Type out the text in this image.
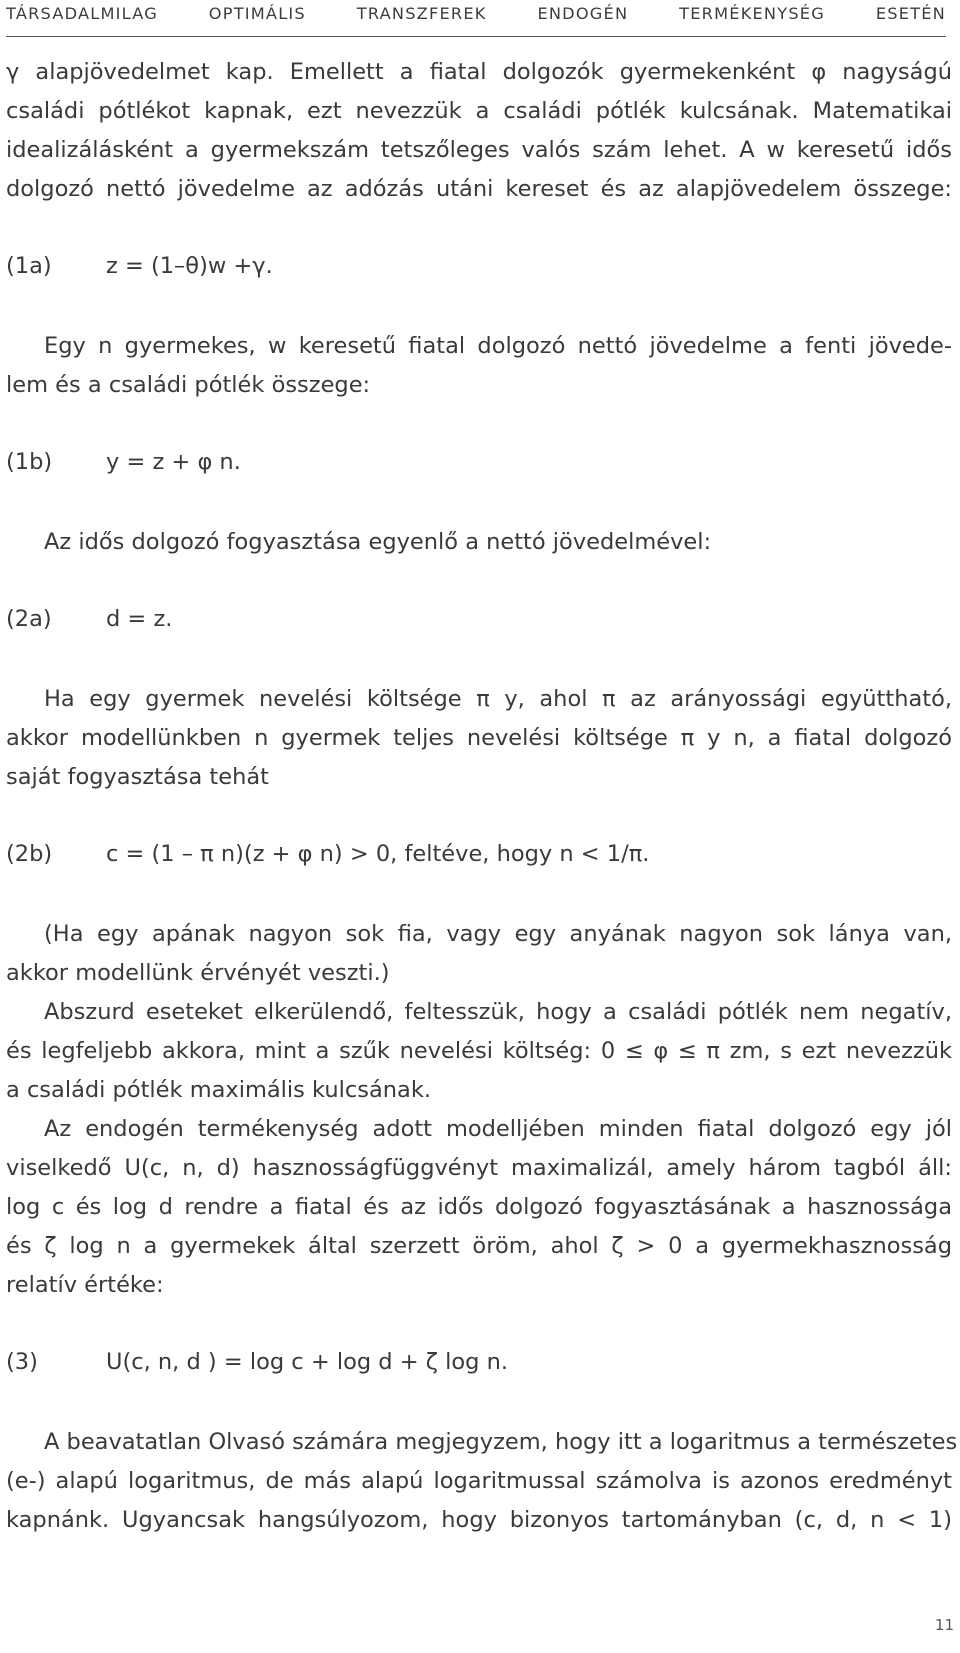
TÁRSADALMILAG OPTIMÁLIS TRANSZFEREK ENDOGÉN TERMÉKENYSÉG ESETÉN
γ alapjövedelmet kap. Emellett a fiatal dolgozók gyermekenként φ nagyságú
családi pótlékot kapnak, ezt nevezzük a családi pótlék kulcsának. Matematikai
idealizálásként a gyermekszám tetszőleges valós szám lehet. A w keresetű idős
dolgozó nettó jövedelme az adózás utáni kereset és az alapjövedelem összege:
(1a) z = (1–θ)w +γ.
Egy n gyermekes, w keresetű fiatal dolgozó nettó jövedelme a fenti jövede-
lem és a családi pótlék összege:
(1b) y = z + φ n.
Az idős dolgozó fogyasztása egyenlő a nettó jövedelmével:
(2a) d = z.
Ha egy gyermek nevelési költsége π y, ahol π az arányossági együttható,
akkor modellünkben n gyermek teljes nevelési költsége π y n, a fiatal dolgozó
saját fogyasztása tehát
(2b) c = (1 – π n)(z + φ n) > 0, feltéve, hogy n < 1/π.
(Ha egy apának nagyon sok fia, vagy egy anyának nagyon sok lánya van,
akkor modellünk érvényét veszti.)
Abszurd eseteket elkerülendő, feltesszük, hogy a családi pótlék nem negatív,
és legfeljebb akkora, mint a szűk nevelési költség: 0 ≤ φ ≤ π zm, s ezt nevezzük
a családi pótlék maximális kulcsának.
Az endogén termékenység adott modelljében minden fiatal dolgozó egy jól
viselkedő U(c, n, d) hasznosságfüggvényt maximalizál, amely három tagból áll:
log c és log d rendre a fiatal és az idős dolgozó fogyasztásának a hasznossága
és ζ log n a gyermekek által szerzett öröm, ahol ζ > 0 a gyermekhasznosság
relatív értéke:
(3)	U(c, n, d ) = log c + log d + ζ log n.
A beavatatlan Olvasó számára megjegyzem, hogy itt a logaritmus a természetes
(e-) alapú logaritmus, de más alapú logaritmussal számolva is azonos eredményt
kapnánk. Ugyancsak hangsúlyozom, hogy bizonyos tartományban (c, d, n < 1)
11
